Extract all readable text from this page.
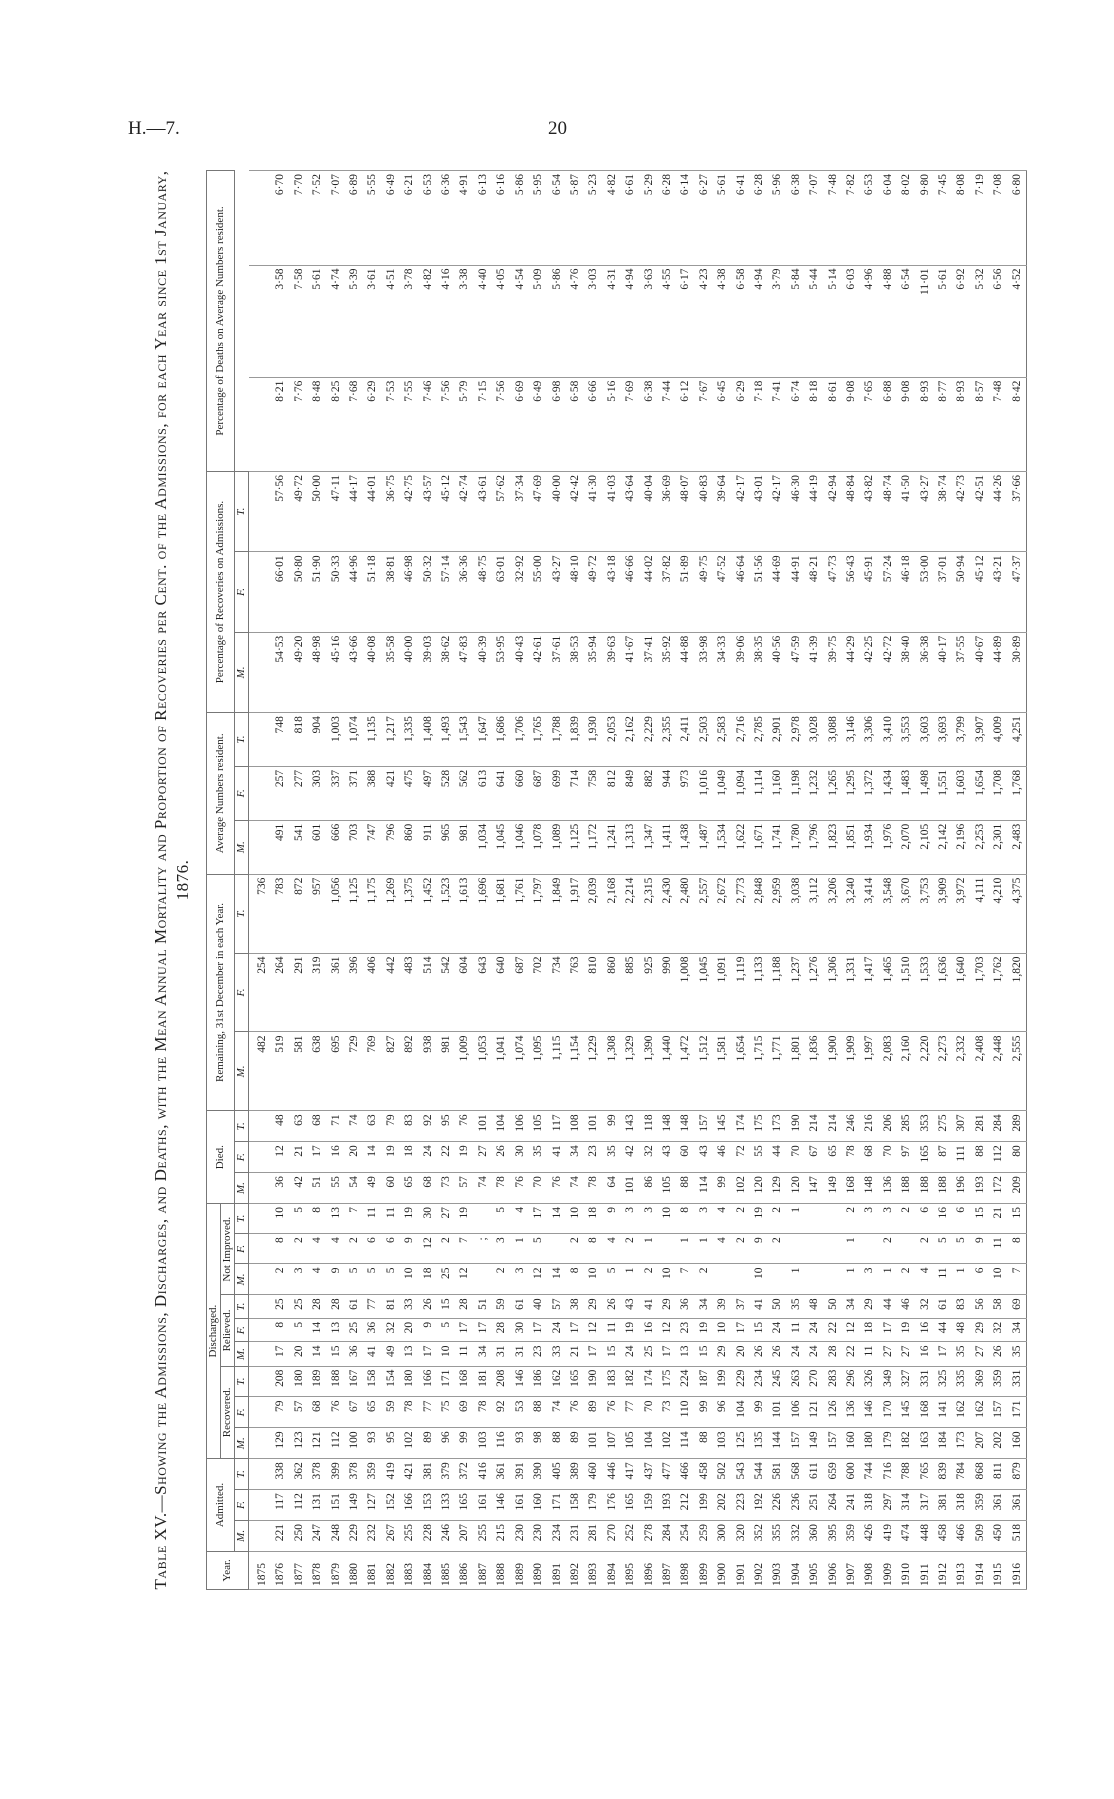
H.—7.	20
Table XV.—Showing the Admissions, Discharges, and Deaths, with the Mean Annual Mortality and Proportion of Recoveries per Cent. of the Admissions, for each Year since 1st January, 1876.
Year.	Admitted.			Discharged.									Died.			Remaining, 31st December in each Year.			Average Numbers resident.			Percentage of Recoveries on Admissions.			Percentage of Deaths on Average Numbers resident.		
				Recovered.			Relieved.			Not Improved.																	
	M.	F.	T.	M.	F.	T.	M.	F.	T.	M.	F.	T.	M.	F.	T.	M.	F.	T.	M.	F.	T.	M.	F.	T.			
1875																482	254	736									
1876	221	117	338	129	79	208	17	8	25	2	8	10	36	12	48	519	264	783	491	257	748	54·53	66·01	57·56	8·21	3·58	6·70
1877	250	112	362	123	57	180	20	5	25	3	2	5	42	21	63	581	291	872	541	277	818	49·20	50·80	49·72	7·76	7·58	7·70
1878	247	131	378	121	68	189	14	14	28	4	4	8	51	17	68	638	319	957	601	303	904	48·98	51·90	50·00	8·48	5·61	7·52
1879	248	151	399	112	76	188	15	13	28	9	4	13	55	16	71	695	361	1,056	666	337	1,003	45·16	50·33	47·11	8·25	4·74	7·07
1880	229	149	378	100	67	167	36	25	61	5	2	7	54	20	74	729	396	1,125	703	371	1,074	43·66	44·96	44·17	7·68	5·39	6·89
1881	232	127	359	93	65	158	41	36	77	5	6	11	49	14	63	769	406	1,175	747	388	1,135	40·08	51·18	44·01	6·29	3·61	5·55
1882	267	152	419	95	59	154	49	32	81	5	6	11	60	19	79	827	442	1,269	796	421	1,217	35·58	38·81	36·75	7·53	4·51	6·49
1883	255	166	421	102	78	180	13	20	33	10	9	19	65	18	83	892	483	1,375	860	475	1,335	40·00	46·98	42·75	7·55	3·78	6·21
1884	228	153	381	89	77	166	17	9	26	18	12	30	68	24	92	938	514	1,452	911	497	1,408	39·03	50·32	43·57	7·46	4·82	6·53
1885	246	133	379	96	75	171	10	5	15	25	2	27	73	22	95	981	542	1,523	965	528	1,493	38·62	57·14	45·12	7·56	4·16	6·36
1886	207	165	372	99	69	168	11	17	28	12	7	19	57	19	76	1,009	604	1,613	981	562	1,543	47·83	36·36	42·74	5·79	3·38	4·91
1887	255	161	416	103	78	181	34	17	51		;		74	27	101	1,053	643	1,696	1,034	613	1,647	40·39	48·75	43·61	7·15	4·40	6·13
1888	215	146	361	116	92	208	31	28	59	2	3	5	78	26	104	1,041	640	1,681	1,045	641	1,686	53·95	63·01	57·62	7·56	4·05	6·16
1889	230	161	391	93	53	146	31	30	61	3	1	4	76	30	106	1,074	687	1,761	1,046	660	1,706	40·43	32·92	37·34	6·69	4·54	5·86
1890	230	160	390	98	88	186	23	17	40	12	5	17	70	35	105	1,095	702	1,797	1,078	687	1,765	42·61	55·00	47·69	6·49	5·09	5·95
1891	234	171	405	88	74	162	33	24	57	14		14	76	41	117	1,115	734	1,849	1,089	699	1,788	37·61	43·27	40·00	6·98	5·86	6·54
1892	231	158	389	89	76	165	21	17	38	8	2	10	74	34	108	1,154	763	1,917	1,125	714	1,839	38·53	48·10	42·42	6·58	4·76	5·87
1893	281	179	460	101	89	190	17	12	29	10	8	18	78	23	101	1,229	810	2,039	1,172	758	1,930	35·94	49·72	41·30	6·66	3·03	5·23
1894	270	176	446	107	76	183	15	11	26	5	4	9	64	35	99	1,308	860	2,168	1,241	812	2,053	39·63	43·18	41·03	5·16	4·31	4·82
1895	252	165	417	105	77	182	24	19	43	1	2	3	101	42	143	1,329	885	2,214	1,313	849	2,162	41·67	46·66	43·64	7·69	4·94	6·61
1896	278	159	437	104	70	174	25	16	41	2	1	3	86	32	118	1,390	925	2,315	1,347	882	2,229	37·41	44·02	40·04	6·38	3·63	5·29
1897	284	193	477	102	73	175	17	12	29	10		10	105	43	148	1,440	990	2,430	1,411	944	2,355	35·92	37·82	36·69	7·44	4·55	6·28
1898	254	212	466	114	110	224	13	23	36	7	1	8	88	60	148	1,472	1,008	2,480	1,438	973	2,411	44·88	51·89	48·07	6·12	6·17	6·14
1899	259	199	458	88	99	187	15	19	34	2	1	3	114	43	157	1,512	1,045	2,557	1,487	1,016	2,503	33·98	49·75	40·83	7·67	4·23	6·27
1900	300	202	502	103	96	199	29	10	39		4	4	99	46	145	1,581	1,091	2,672	1,534	1,049	2,583	34·33	47·52	39·64	6·45	4·38	5·61
1901	320	223	543	125	104	229	20	17	37		2	2	102	72	174	1,654	1,119	2,773	1,622	1,094	2,716	39·06	46·64	42·17	6·29	6·58	6·41
1902	352	192	544	135	99	234	26	15	41	10	9	19	120	55	175	1,715	1,133	2,848	1,671	1,114	2,785	38·35	51·56	43·01	7·18	4·94	6·28
1903	355	226	581	144	101	245	26	24	50		2	2	129	44	173	1,771	1,188	2,959	1,741	1,160	2,901	40·56	44·69	42·17	7·41	3·79	5·96
1904	332	236	568	157	106	263	24	11	35	1		1	120	70	190	1,801	1,237	3,038	1,780	1,198	2,978	47·59	44·91	46·30	6·74	5·84	6·38
1905	360	251	611	149	121	270	24	24	48				147	67	214	1,836	1,276	3,112	1,796	1,232	3,028	41·39	48·21	44·19	8·18	5·44	7·07
1906	395	264	659	157	126	283	28	22	50				149	65	214	1,900	1,306	3,206	1,823	1,265	3,088	39·75	47·73	42·94	8·61	5·14	7·48
1907	359	241	600	160	136	296	22	12	34	1	1	2	168	78	246	1,909	1,331	3,240	1,851	1,295	3,146	44·29	56·43	48·84	9·08	6·03	7·82
1908	426	318	744	180	146	326	11	18	29	3		3	148	68	216	1,997	1,417	3,414	1,934	1,372	3,306	42·25	45·91	43·82	7·65	4·96	6·53
1909	419	297	716	179	170	349	27	17	44	1	2	3	136	70	206	2,083	1,465	3,548	1,976	1,434	3,410	42·72	57·24	48·74	6·88	4·88	6·04
1910	474	314	788	182	145	327	27	19	46	2		2	188	97	285	2,160	1,510	3,670	2,070	1,483	3,553	38·40	46·18	41·50	9·08	6·54	8·02
1911	448	317	765	163	168	331	16	16	32	4	2	6	188	165	353	2,220	1,533	3,753	2,105	1,498	3,603	36·38	53·00	43·27	8·93	11·01	9·80
1912	458	381	839	184	141	325	17	44	61	11	5	16	188	87	275	2,273	1,636	3,909	2,142	1,551	3,693	40·17	37·01	38·74	8·77	5·61	7·45
1913	466	318	784	173	162	335	35	48	83	1	5	6	196	111	307	2,332	1,640	3,972	2,196	1,603	3,799	37·55	50·94	42·73	8·93	6·92	8·08
1914	509	359	868	207	162	369	27	29	56	6	9	15	193	88	281	2,408	1,703	4,111	2,253	1,654	3,907	40·67	45·12	42·51	8·57	5·32	7·19
1915	450	361	811	202	157	359	26	32	58	10	11	21	172	112	284	2,448	1,762	4,210	2,301	1,708	4,009	44·89	43·21	44·26	7·48	6·56	7·08
1916	518	361	879	160	171	331	35	34	69	7	8	15	209	80	289	2,555	1,820	4,375	2,483	1,768	4,251	30·89	47·37	37·66	8·42	4·52	6·80
